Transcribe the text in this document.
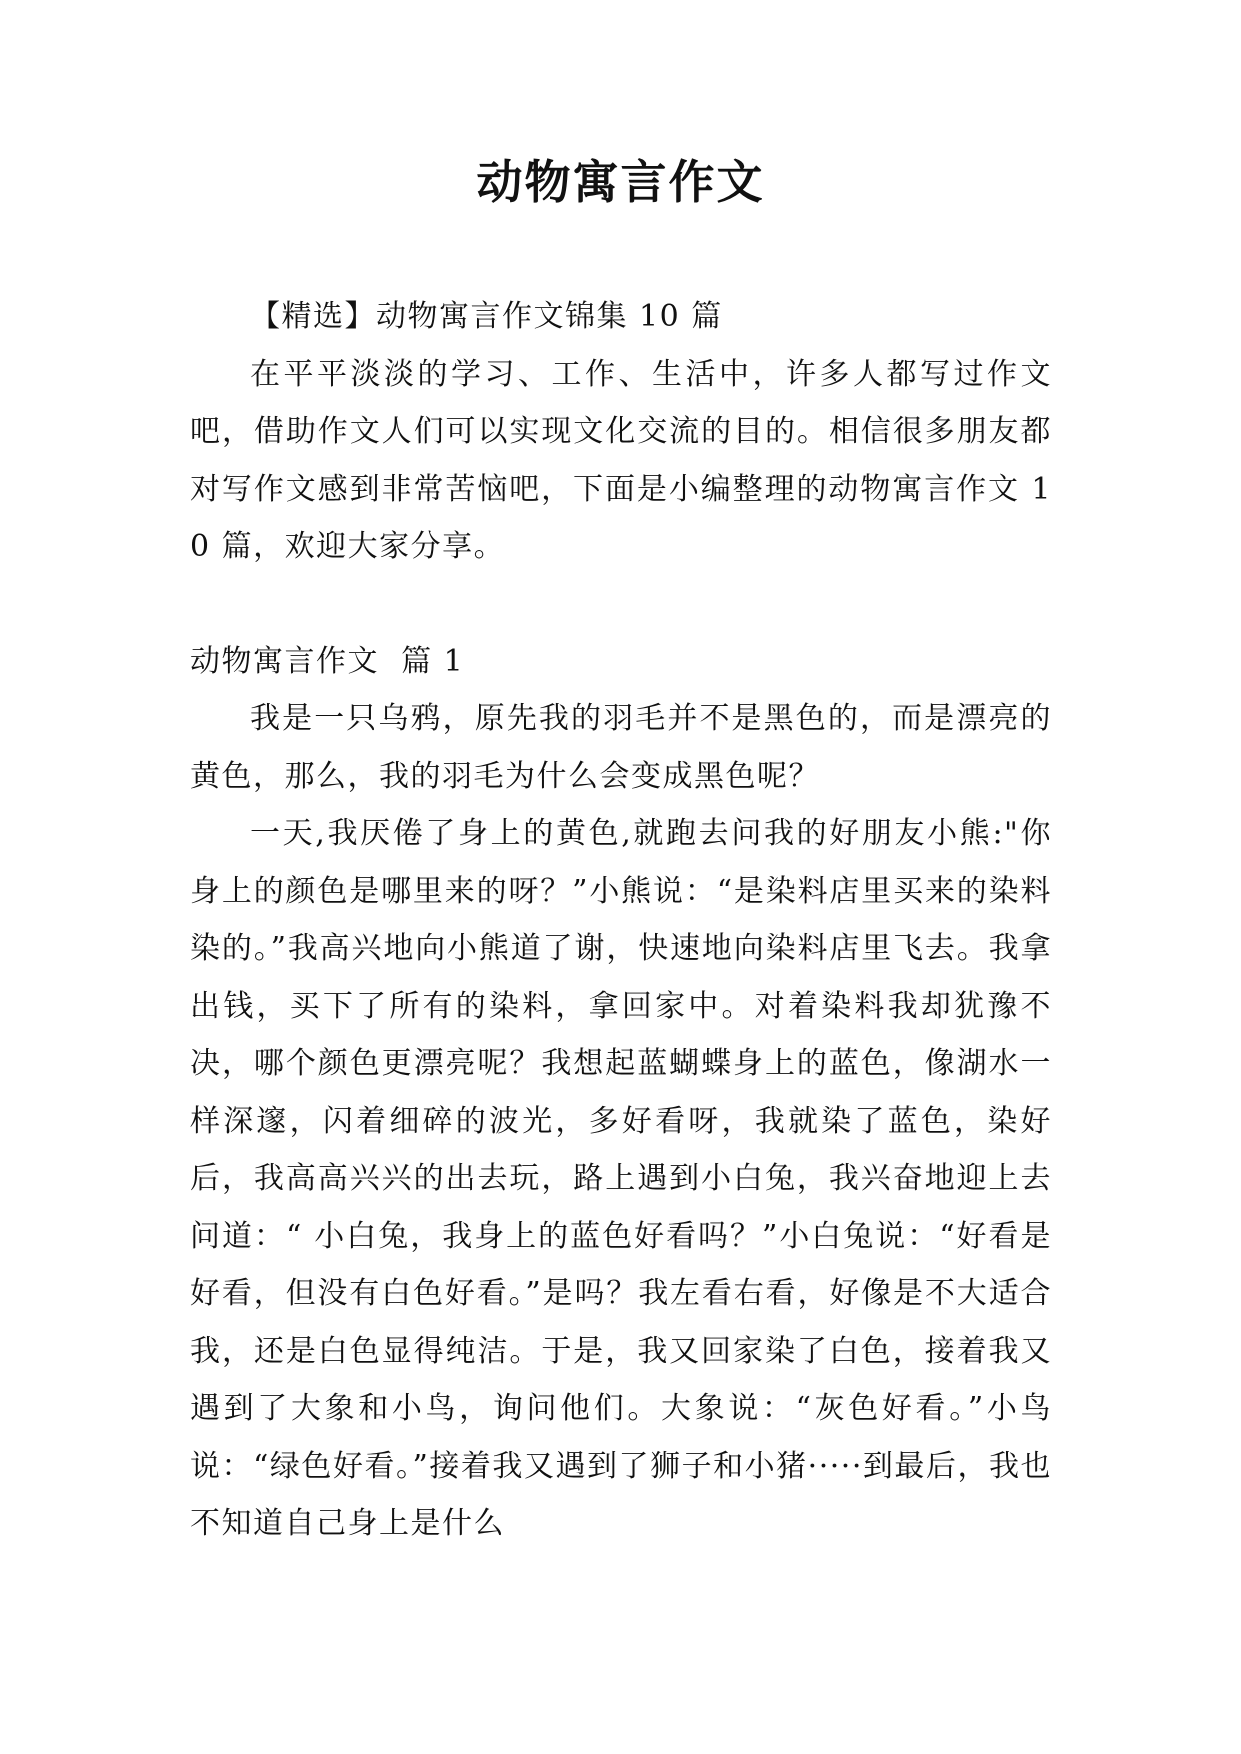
动物寓言作文

【精选】动物寓言作文锦集 10 篇

在平平淡淡的学习、工作、生活中，许多人都写过作文吧，借助作文人们可以实现文化交流的目的。相信很多朋友都对写作文感到非常苦恼吧，下面是小编整理的动物寓言作文 10 篇，欢迎大家分享。

动物寓言作文  篇 1

我是一只乌鸦，原先我的羽毛并不是黑色的，而是漂亮的黄色，那么，我的羽毛为什么会变成黑色呢？

一天,我厌倦了身上的黄色,就跑去问我的好朋友小熊:"你身上的颜色是哪里来的呀？”小熊说：“是染料店里买来的染料染的。”我高兴地向小熊道了谢，快速地向染料店里飞去。我拿出钱，买下了所有的染料，拿回家中。对着染料我却犹豫不决，哪个颜色更漂亮呢？我想起蓝蝴蝶身上的蓝色，像湖水一样深邃，闪着细碎的波光，多好看呀，我就染了蓝色，染好后，我高高兴兴的出去玩，路上遇到小白兔，我兴奋地迎上去问道：“ 小白兔，我身上的蓝色好看吗？”小白兔说：“好看是好看，但没有白色好看。”是吗？我左看右看，好像是不大适合我，还是白色显得纯洁。于是，我又回家染了白色，接着我又遇到了大象和小鸟，询问他们。大象说：“灰色好看。”小鸟说：“绿色好看。”接着我又遇到了狮子和小猪·····到最后，我也不知道自己身上是什么
